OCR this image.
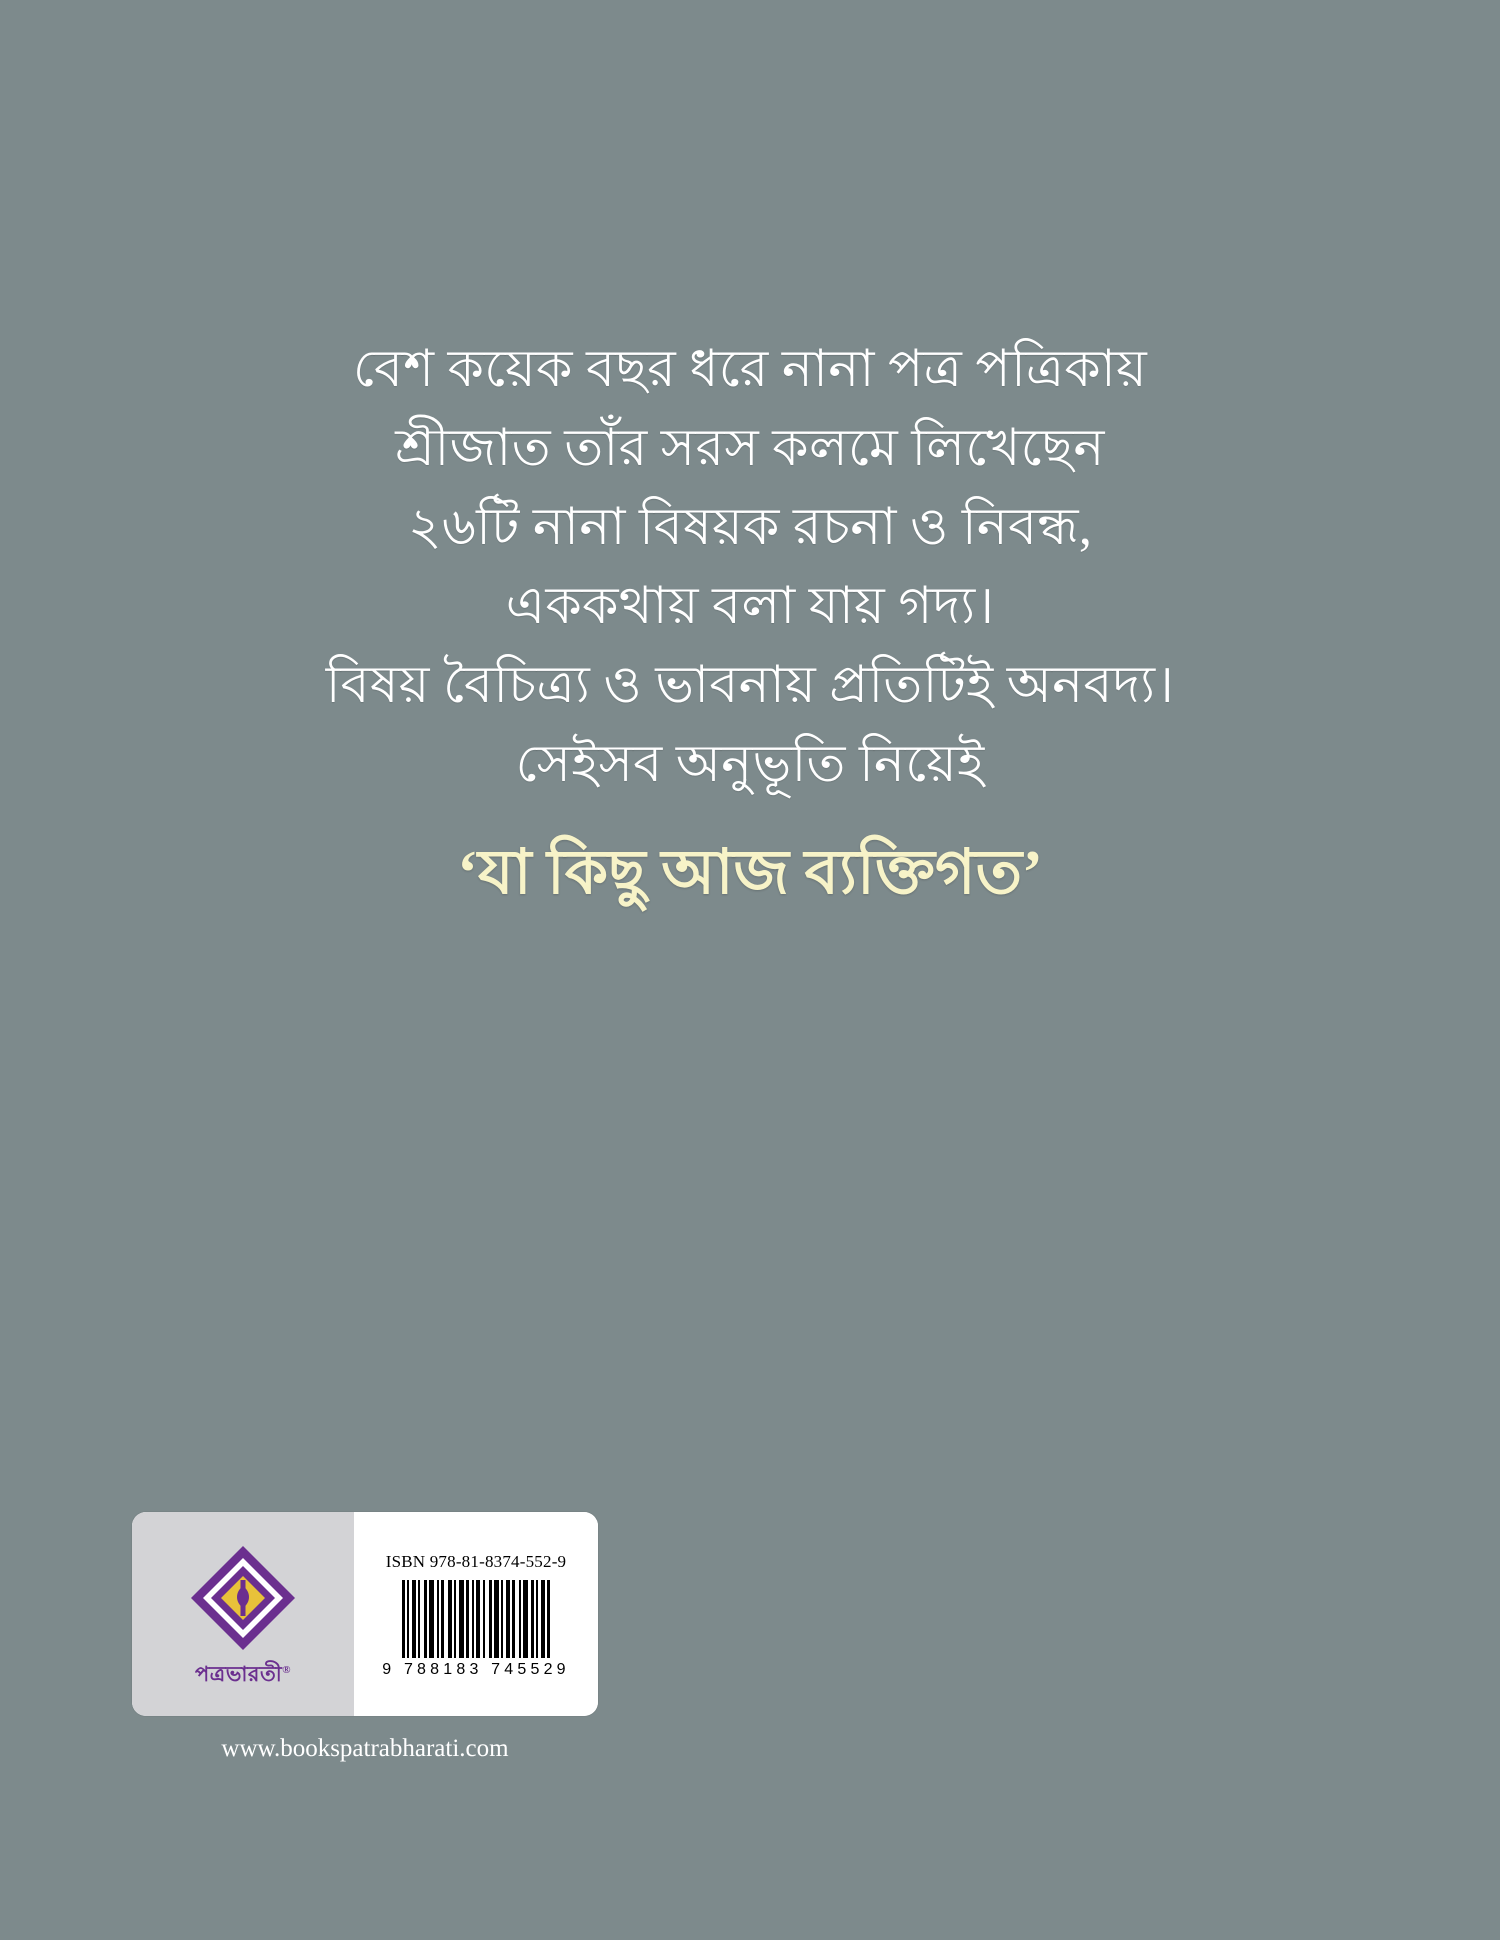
বেশ কয়েক বছর ধরে নানা পত্র পত্রিকায়
শ্রীজাত তাঁর সরস কলমে লিখেছেন
২৬টি নানা বিষয়ক রচনা ও নিবন্ধ,
এককথায় বলা যায় গদ্য।
বিষয় বৈচিত্র্য ও ভাবনায় প্রতিটিই অনবদ্য।
সেইসব অনুভূতি নিয়েই
‘যা কিছু আজ ব্যক্তিগত’
পত্রভারতী®
ISBN 978-81-8374-552-9
9 788183 745529
www.bookspatrabharati.com
